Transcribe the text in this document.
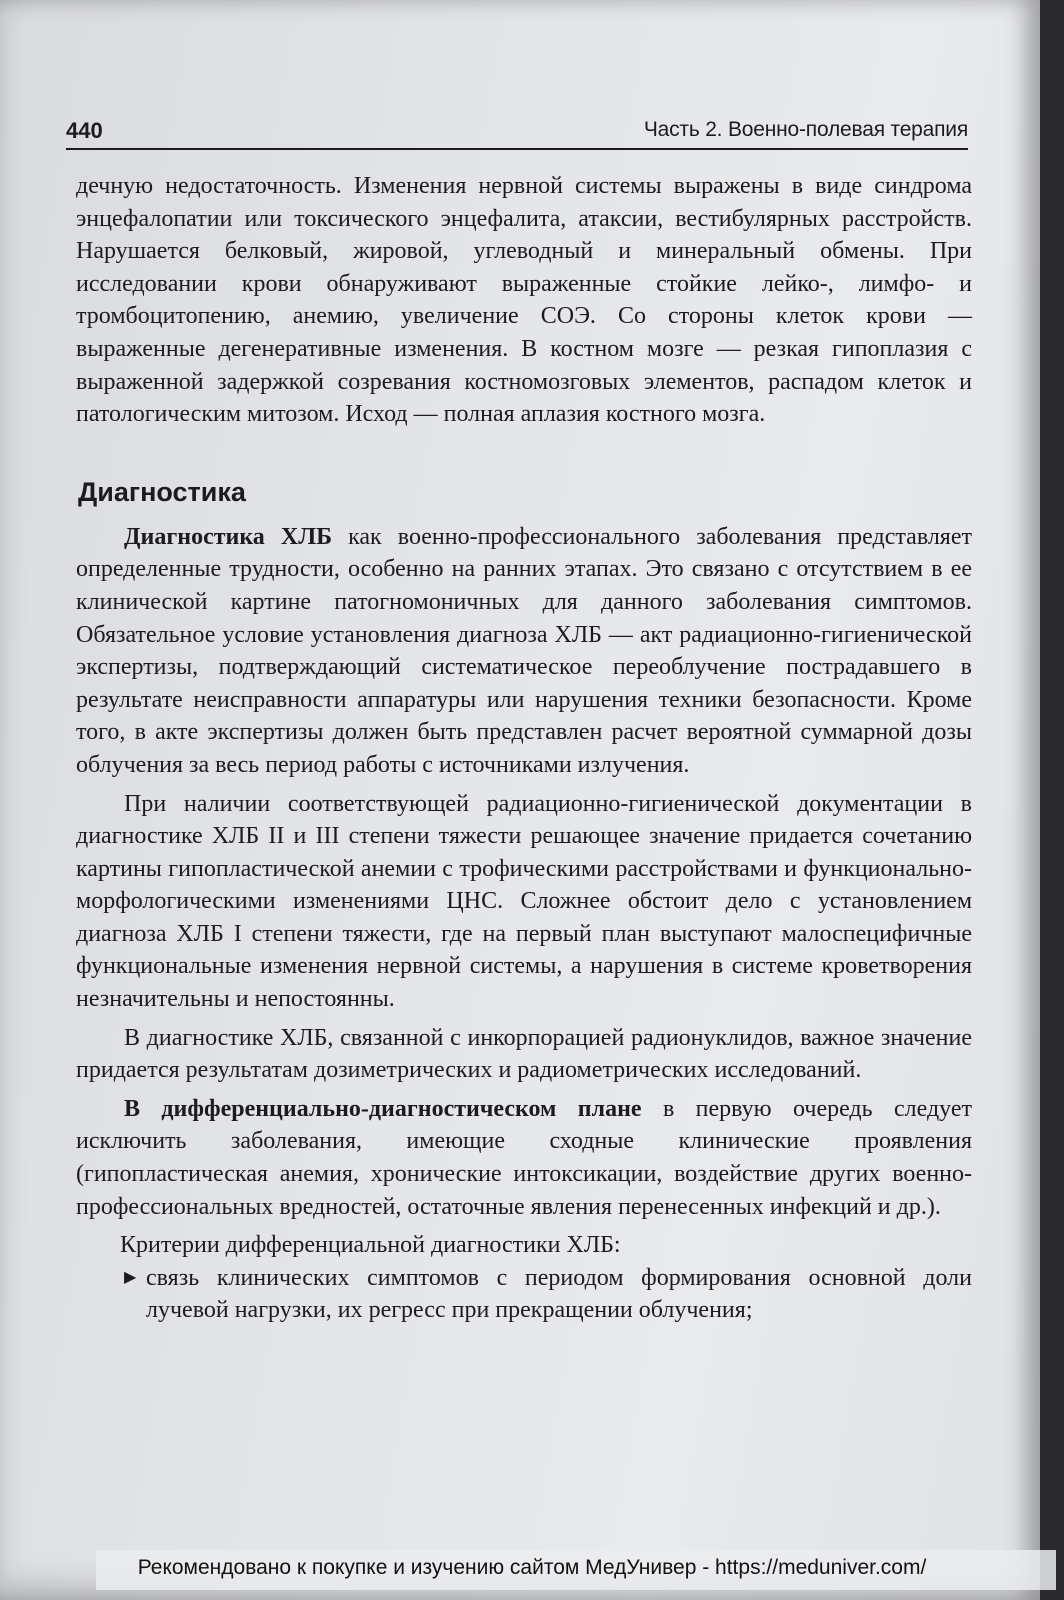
440	Часть 2. Военно-полевая терапия

дечную недостаточность. Изменения нервной системы выражены в виде синдрома энцефалопатии или токсического энцефалита, атаксии, вестибулярных расстройств. Нарушается белковый, жировой, углеводный и минеральный обмены. При исследовании крови обнаруживают выраженные стойкие лейко-, лимфо- и тромбоцитопению, анемию, увеличение СОЭ. Со стороны клеток крови — выраженные дегенеративные изменения. В костном мозге — резкая гипоплазия с выраженной задержкой созревания костномозговых элементов, распадом клеток и патологическим митозом. Исход — полная аплазия костного мозга.

Диагностика

Диагностика ХЛБ как военно-профессионального заболевания представляет определенные трудности, особенно на ранних этапах. Это связано с отсутствием в ее клинической картине патогномоничных для данного заболевания симптомов. Обязательное условие установления диагноза ХЛБ — акт радиационно-гигиенической экспертизы, подтверждающий систематическое переоблучение пострадавшего в результате неисправности аппаратуры или нарушения техники безопасности. Кроме того, в акте экспертизы должен быть представлен расчет вероятной суммарной дозы облучения за весь период работы с источниками излучения.

При наличии соответствующей радиационно-гигиенической документации в диагностике ХЛБ II и III степени тяжести решающее значение придается сочетанию картины гипопластической анемии с трофическими расстройствами и функционально-морфологическими изменениями ЦНС. Сложнее обстоит дело с установлением диагноза ХЛБ I степени тяжести, где на первый план выступают малоспецифичные функциональные изменения нервной системы, а нарушения в системе кроветворения незначительны и непостоянны.

В диагностике ХЛБ, связанной с инкорпорацией радионуклидов, важное значение придается результатам дозиметрических и радиометрических исследований.

В дифференциально-диагностическом плане в первую очередь следует исключить заболевания, имеющие сходные клинические проявления (гипопластическая анемия, хронические интоксикации, воздействие других военно-профессиональных вредностей, остаточные явления перенесенных инфекций и др.).

Критерии дифференциальной диагностики ХЛБ:

▶ связь клинических симптомов с периодом формирования основной доли лучевой нагрузки, их регресс при прекращении облучения;
Рекомендовано к покупке и изучению сайтом МедУнивер - https://meduniver.com/
